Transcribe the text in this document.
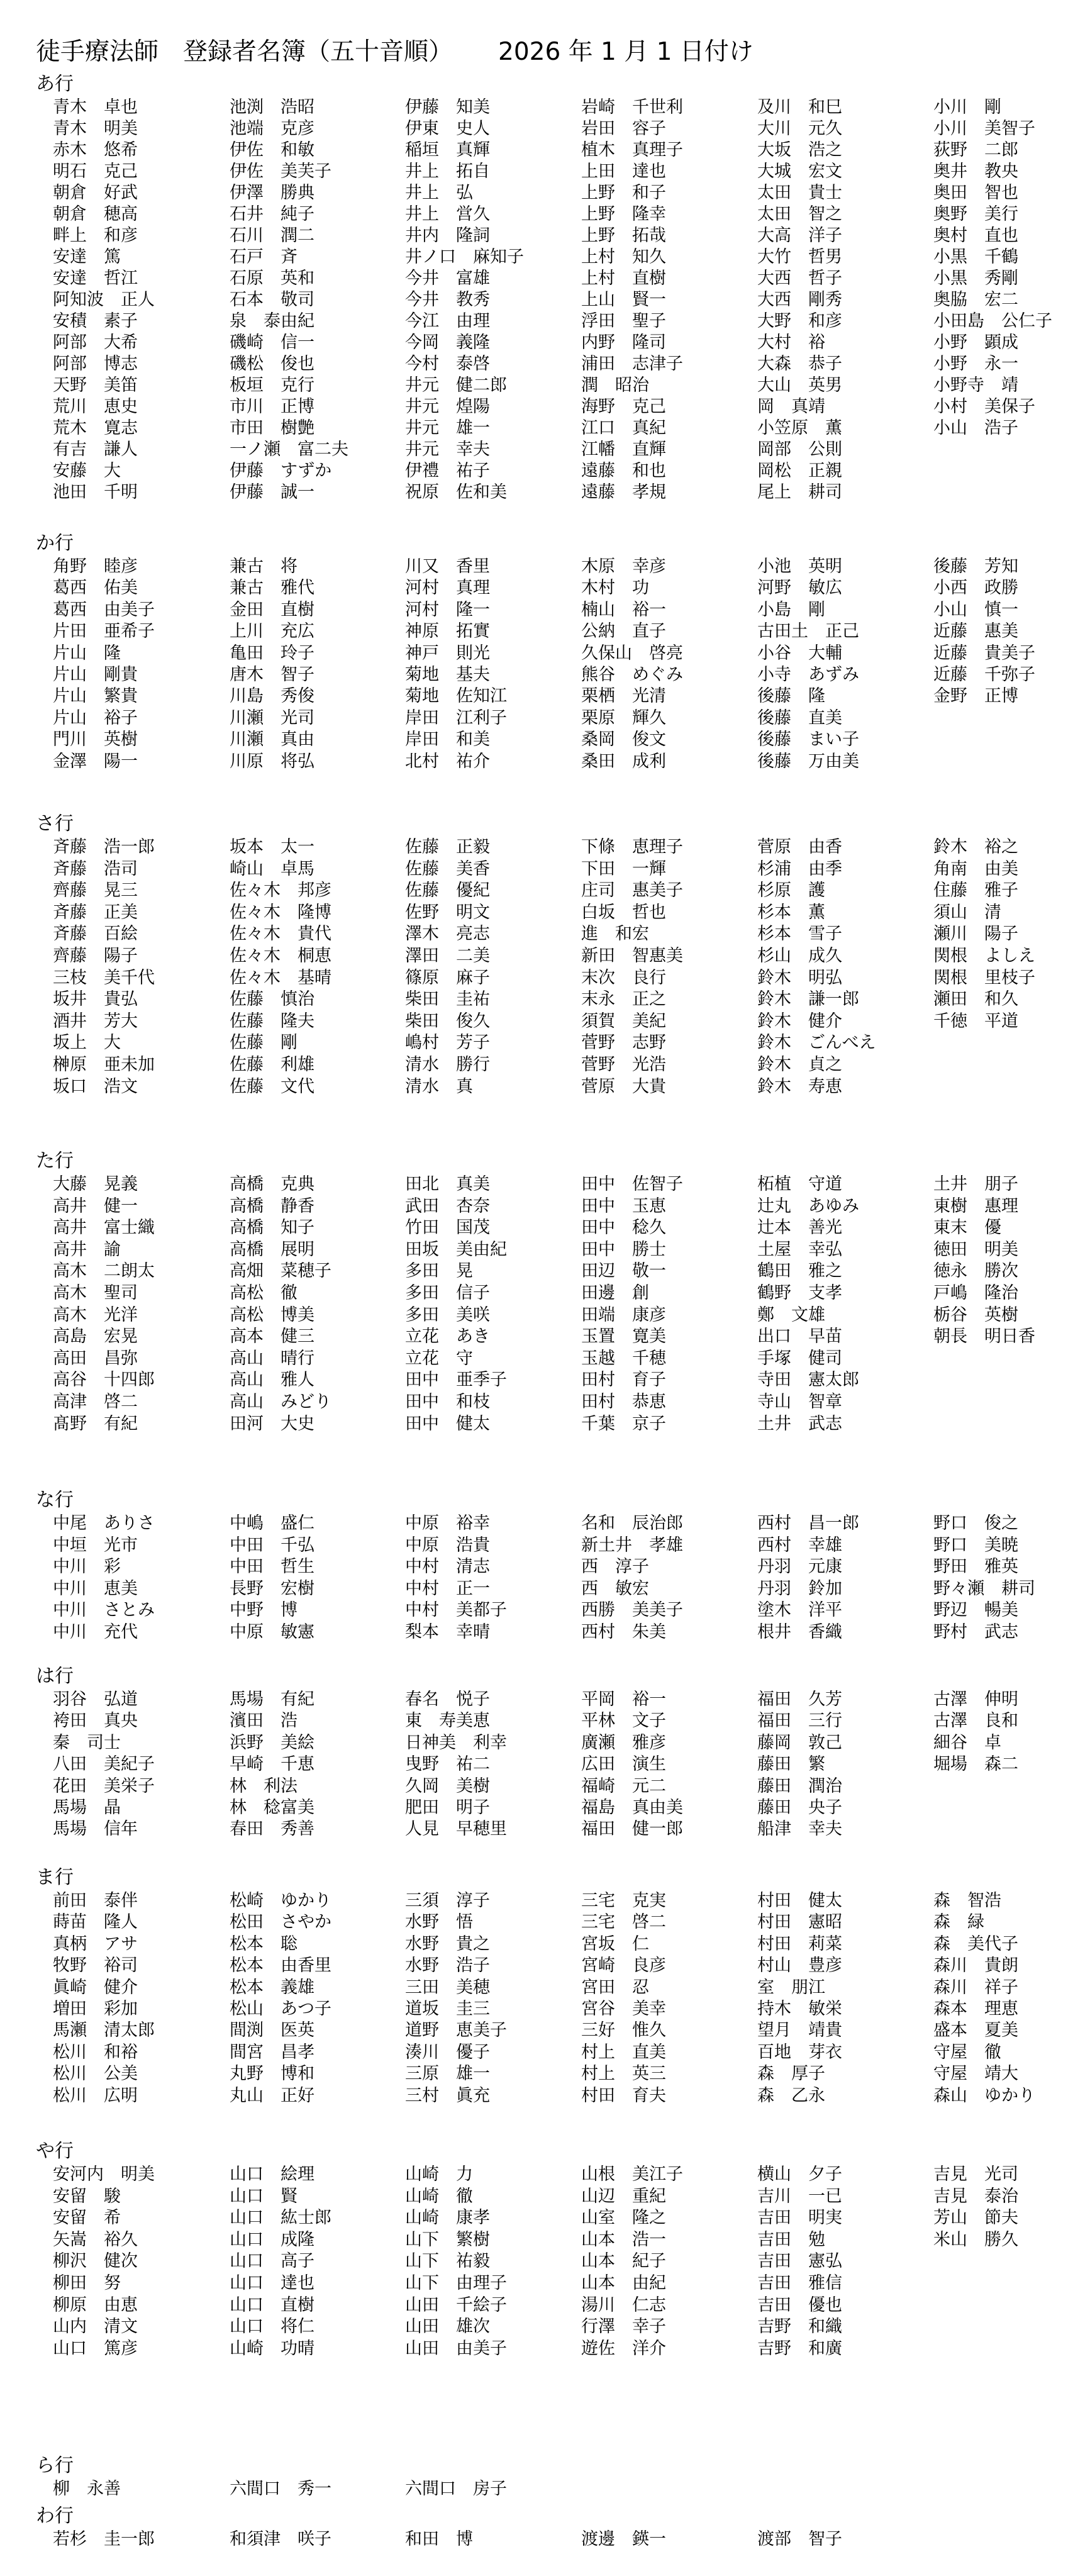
徒手療法師　登録者名簿（五十音順） 2026 年 1 月 1 日付け
あ行
青木　卓也	池渕　浩昭	伊藤　知美	岩崎　千世利	及川　和巳	小川　剛
青木　明美	池端　克彦	伊東　史人	岩田　容子	大川　元久	小川　美智子
赤木　悠希	伊佐　和敏	稲垣　真輝	植木　真理子	大坂　浩之	荻野　二郎
明石　克己	伊佐　美芙子	井上　拓自	上田　達也	大城　宏文	奥井　教央
朝倉　好武	伊澤　勝典	井上　弘	上野　和子	太田　貴士	奥田　智也
朝倉　穂高	石井　純子	井上　営久	上野　隆幸	太田　智之	奥野　美行
畔上　和彦	石川　潤二	井内　隆詞	上野　拓哉	大高　洋子	奥村　直也
安達　篤	石戸　斉	井ノ口　麻知子	上村　知久	大竹　哲男	小黒　千鶴
安達　哲江	石原　英和	今井　富雄	上村　直樹	大西　哲子	小黒　秀剛
阿知波　正人	石本　敬司	今井　教秀	上山　賢一	大西　剛秀	奥脇　宏二
安積　素子	泉　泰由紀	今江　由理	浮田　聖子	大野　和彦	小田島　公仁子
阿部　大希	磯崎　信一	今岡　義隆	内野　隆司	大村　裕	小野　顕成
阿部　博志	磯松　俊也	今村　泰啓	浦田　志津子	大森　恭子	小野　永一
天野　美笛	板垣　克行	井元　健二郎	潤　昭治	大山　英男	小野寺　靖
荒川　恵史	市川　正博	井元　煌陽	海野　克己	岡　真靖	小村　美保子
荒木　寛志	市田　樹艶	井元　雄一	江口　真紀	小笠原　薫	小山　浩子
有吉　謙人	一ノ瀬　富二夫	井元　幸夫	江幡　直輝	岡部　公則
安藤　大	伊藤　すずか	伊禮　祐子	遠藤　和也	岡松　正親
池田　千明	伊藤　誠一	祝原　佐和美	遠藤　孝規	尾上　耕司
か行
角野　睦彦	兼古　将	川又　香里	木原　幸彦	小池　英明	後藤　芳知
葛西　佑美	兼古　雅代	河村　真理	木村　功	河野　敏広	小西　政勝
葛西　由美子	金田　直樹	河村　隆一	楠山　裕一	小島　剛	小山　慎一
片田　亜希子	上川　充広	神原　拓實	公納　直子	古田土　正己	近藤　惠美
片山　隆	亀田　玲子	神戸　則光	久保山　啓亮	小谷　大輔	近藤　貴美子
片山　剛貴	唐木　智子	菊地　基夫	熊谷　めぐみ	小寺　あずみ	近藤　千弥子
片山　繁貴	川島　秀俊	菊地　佐知江	栗栖　光清	後藤　隆	金野　正博
片山　裕子	川瀬　光司	岸田　江利子	栗原　輝久	後藤　直美
門川　英樹	川瀬　真由	岸田　和美	桑岡　俊文	後藤　まい子
金澤　陽一	川原　将弘	北村　祐介	桑田　成利	後藤　万由美
さ行
斉藤　浩一郎	坂本　太一	佐藤　正毅	下條　恵理子	菅原　由香	鈴木　裕之
斉藤　浩司	崎山　卓馬	佐藤　美香	下田　一輝	杉浦　由季	角南　由美
齊藤　晃三	佐々木　邦彦	佐藤　優紀	庄司　惠美子	杉原　護	住藤　雅子
斉藤　正美	佐々木　隆博	佐野　明文	白坂　哲也	杉本　薫	須山　清
斉藤　百絵	佐々木　貴代	澤木　亮志	進　和宏	杉本　雪子	瀬川　陽子
齊藤　陽子	佐々木　桐恵	澤田　二美	新田　智惠美	杉山　成久	関根　よしえ
三枝　美千代	佐々木　基晴	篠原　麻子	末次　良行	鈴木　明弘	関根　里枝子
坂井　貴弘	佐藤　慎治	柴田　圭祐	末永　正之	鈴木　謙一郎	瀬田　和久
酒井　芳大	佐藤　隆夫	柴田　俊久	須賀　美紀	鈴木　健介	千徳　平道
坂上　大	佐藤　剛	嶋村　芳子	菅野　志野	鈴木　ごんべえ
榊原　亜未加	佐藤　利雄	清水　勝行	菅野　光浩	鈴木　貞之
坂口　浩文	佐藤　文代	清水　真	菅原　大貴	鈴木　寿恵
た行
大藤　晃義	高橋　克典	田北　真美	田中　佐智子	柘植　守道	土井　朋子
高井　健一	高橋　静香	武田　杏奈	田中　玉恵	辻丸　あゆみ	東樹　惠理
高井　富士織	高橋　知子	竹田　国茂	田中　稔久	辻本　善光	東末　優
高井　諭	高橋　展明	田坂　美由紀	田中　勝士	土屋　幸弘	徳田　明美
高木　二朗太	高畑　菜穂子	多田　晃	田辺　敬一	鶴田　雅之	徳永　勝次
高木　聖司	高松　徹	多田　信子	田邊　創	鶴野　支孝	戸嶋　隆治
高木　光洋	高松　博美	多田　美咲	田端　康彦	鄭　文雄	栃谷　英樹
高島　宏晃	高本　健三	立花　あき	玉置　寛美	出口　早苗	朝長　明日香
高田　昌弥	高山　晴行	立花　守	玉越　千穂	手塚　健司
高谷　十四郎	高山　雅人	田中　亜季子	田村　育子	寺田　憲太郎
高津　啓二	高山　みどり	田中　和枝	田村　恭恵	寺山　智章
髙野　有紀	田河　大史	田中　健太	千葉　京子	土井　武志
な行
中尾　ありさ	中嶋　盛仁	中原　裕幸	名和　辰治郎	西村　昌一郎	野口　俊之
中垣　光市	中田　千弘	中原　浩貴	新土井　孝雄	西村　幸雄	野口　美暁
中川　彩	中田　哲生	中村　清志	西　淳子	丹羽　元康	野田　雅英
中川　恵美	長野　宏樹	中村　正一	西　敏宏	丹羽　鈴加	野々瀬　耕司
中川　さとみ	中野　博	中村　美都子	西勝　美美子	塗木　洋平	野辺　暢美
中川　充代	中原　敏憲	梨本　幸晴	西村　朱美	根井　香織	野村　武志
は行
羽谷　弘道	馬場　有紀	春名　悦子	平岡　裕一	福田　久芳	古澤　伸明
袴田　真央	濱田　浩	東　寿美恵	平林　文子	福田　三行	古澤　良和
秦　司士	浜野　美絵	日神美　利幸	廣瀬　雅彦	藤岡　敦己	細谷　卓
八田　美紀子	早崎　千恵	曳野　祐二	広田　演生	藤田　繁	堀場　森二
花田　美栄子	林　利法	久岡　美樹	福崎　元二	藤田　潤治
馬場　晶	林　稔富美	肥田　明子	福島　真由美	藤田　央子
馬場　信年	春田　秀善	人見　早穂里	福田　健一郎	船津　幸夫
ま行
前田　泰伴	松崎　ゆかり	三須　淳子	三宅　克実	村田　健太	森　智浩
蒔苗　隆人	松田　さやか	水野　悟	三宅　啓二	村田　憲昭	森　緑
真柄　アサ	松本　聡	水野　貴之	宮坂　仁	村田　莉菜	森　美代子
牧野　裕司	松本　由香里	水野　浩子	宮崎　良彦	村山　豊彦	森川　貴朗
眞崎　健介	松本　義雄	三田　美穂	宮田　忍	室　朋江	森川　祥子
増田　彩加	松山　あつ子	道坂　圭三	宮谷　美幸	持木　敏栄	森本　理恵
馬瀬　清太郎	間渕　医英	道野　恵美子	三好　惟久	望月　靖貴	盛本　夏美
松川　和裕	間宮　昌孝	湊川　優子	村上　直美	百地　芽衣	守屋　徹
松川　公美	丸野　博和	三原　雄一	村上　英三	森　厚子	守屋　靖大
松川　広明	丸山　正好	三村　眞充	村田　育夫	森　乙永	森山　ゆかり
や行
安河内　明美	山口　絵理	山崎　力	山根　美江子	横山　夕子	吉見　光司
安留　駿	山口　賢	山崎　徹	山辺　重紀	吉川　一已	吉見　泰治
安留　希	山口　紘士郎	山崎　康孝	山室　隆之	吉田　明実	芳山　節夫
矢嵩　裕久	山口　成隆	山下　繁樹	山本　浩一	吉田　勉	米山　勝久
柳沢　健次	山口　高子	山下　祐毅	山本　紀子	吉田　憲弘
柳田　努	山口　達也	山下　由理子	山本　由紀	吉田　雅信
柳原　由恵	山口　直樹	山田　千絵子	湯川　仁志	吉田　優也
山内　清文	山口　将仁	山田　雄次	行澤　幸子	吉野　和織
山口　篤彦	山崎　功晴	山田　由美子	遊佐　洋介	吉野　和廣
ら行
柳　永善	六間口　秀一	六間口　房子
わ行
若杉　圭一郎	和須津　咲子	和田　博	渡邊　鍈一	渡部　智子
